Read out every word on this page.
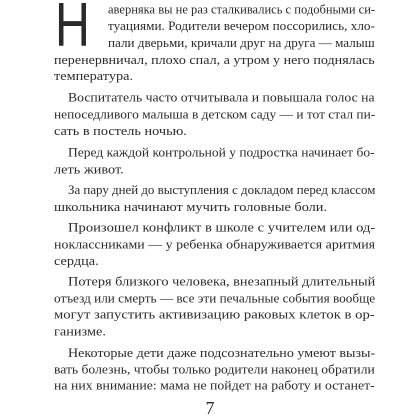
Н аверняка вы не раз сталкивались с подобными си-
туациями. Родители вечером поссорились, хло-
пали дверьми, кричали друг на друга — малыш
перенервничал, плохо спал, а утром у него поднялась
температура.
Воспитатель часто отчитывала и повышала голос на
непоседливого малыша в детском саду — и тот стал пи-
сать в постель ночью.
Перед каждой контрольной у подростка начинает бо-
леть живот.
За пару дней до выступления с докладом перед классом
школьника начинают мучить головные боли.
Произошел конфликт в школе с учителем или од-
ноклассниками — у ребенка обнаруживается аритмия
сердца.
Потеря близкого человека, внезапный длительный
отъезд или смерть — все эти печальные события вообще
могут запустить активизацию раковых клеток в ор-
ганизме.
Некоторые дети даже подсознательно умеют вызы-
вать болезнь, чтобы только родители наконец обратили
на них внимание: мама не пойдет на работу и останет-
7
